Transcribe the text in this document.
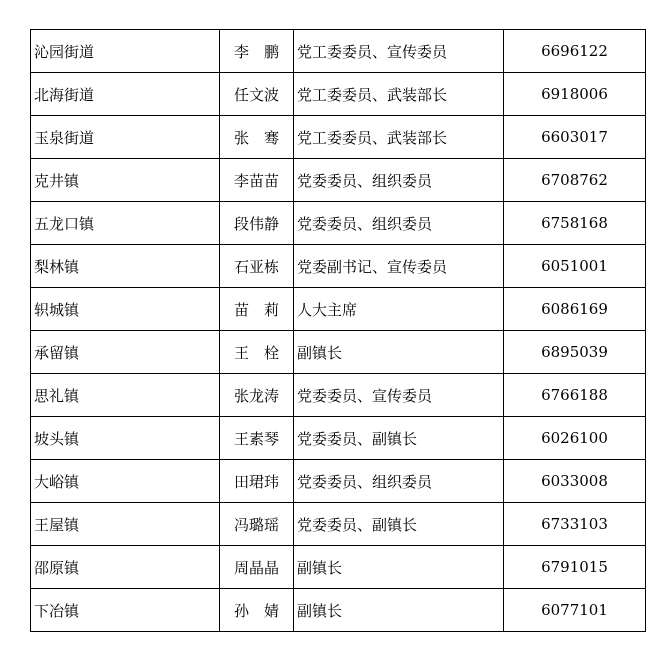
沁园街道	李　鹏	党工委委员、宣传委员	6696122
北海街道	任文波	党工委委员、武装部长	6918006
玉泉街道	张　骞	党工委委员、武装部长	6603017
克井镇	李苗苗	党委委员、组织委员	6708762
五龙口镇	段伟静	党委委员、组织委员	6758168
梨林镇	石亚栋	党委副书记、宣传委员	6051001
轵城镇	苗　莉	人大主席	6086169
承留镇	王　栓	副镇长	6895039
思礼镇	张龙涛	党委委员、宣传委员	6766188
坡头镇	王素琴	党委委员、副镇长	6026100
大峪镇	田珺玮	党委委员、组织委员	6033008
王屋镇	冯璐瑶	党委委员、副镇长	6733103
邵原镇	周晶晶	副镇长	6791015
下冶镇	孙　婧	副镇长	6077101
